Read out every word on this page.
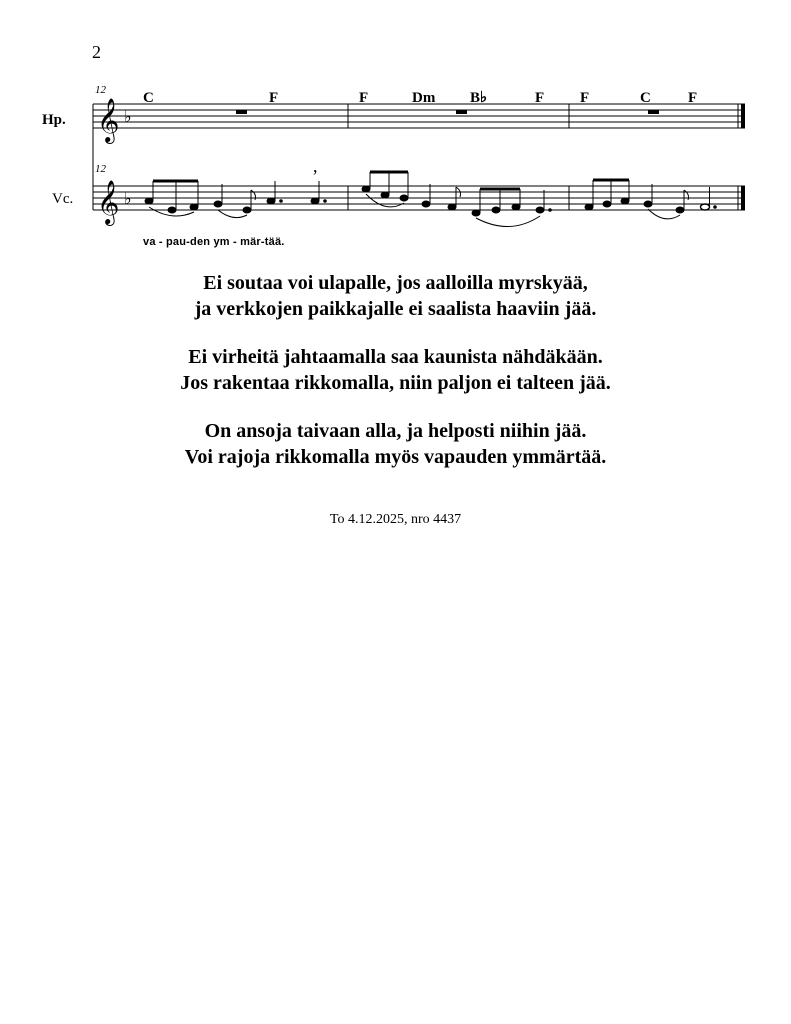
2
12
Hp. 𝄞 ♭
C	F	F	Dm B♭	F F	C F
12
Vc. 𝄞 ♭
,
va - pau-den ym - mär-tää.
Ei soutaa voi ulapalle, jos aalloilla myrskyää,
ja verkkojen paikkajalle ei saalista haaviin jää.
Ei virheitä jahtaamalla saa kaunista nähdäkään.
Jos rakentaa rikkomalla, niin paljon ei talteen jää.
On ansoja taivaan alla, ja helposti niihin jää.
Voi rajoja rikkomalla myös vapauden ymmärtää.
To 4.12.2025, nro 4437
